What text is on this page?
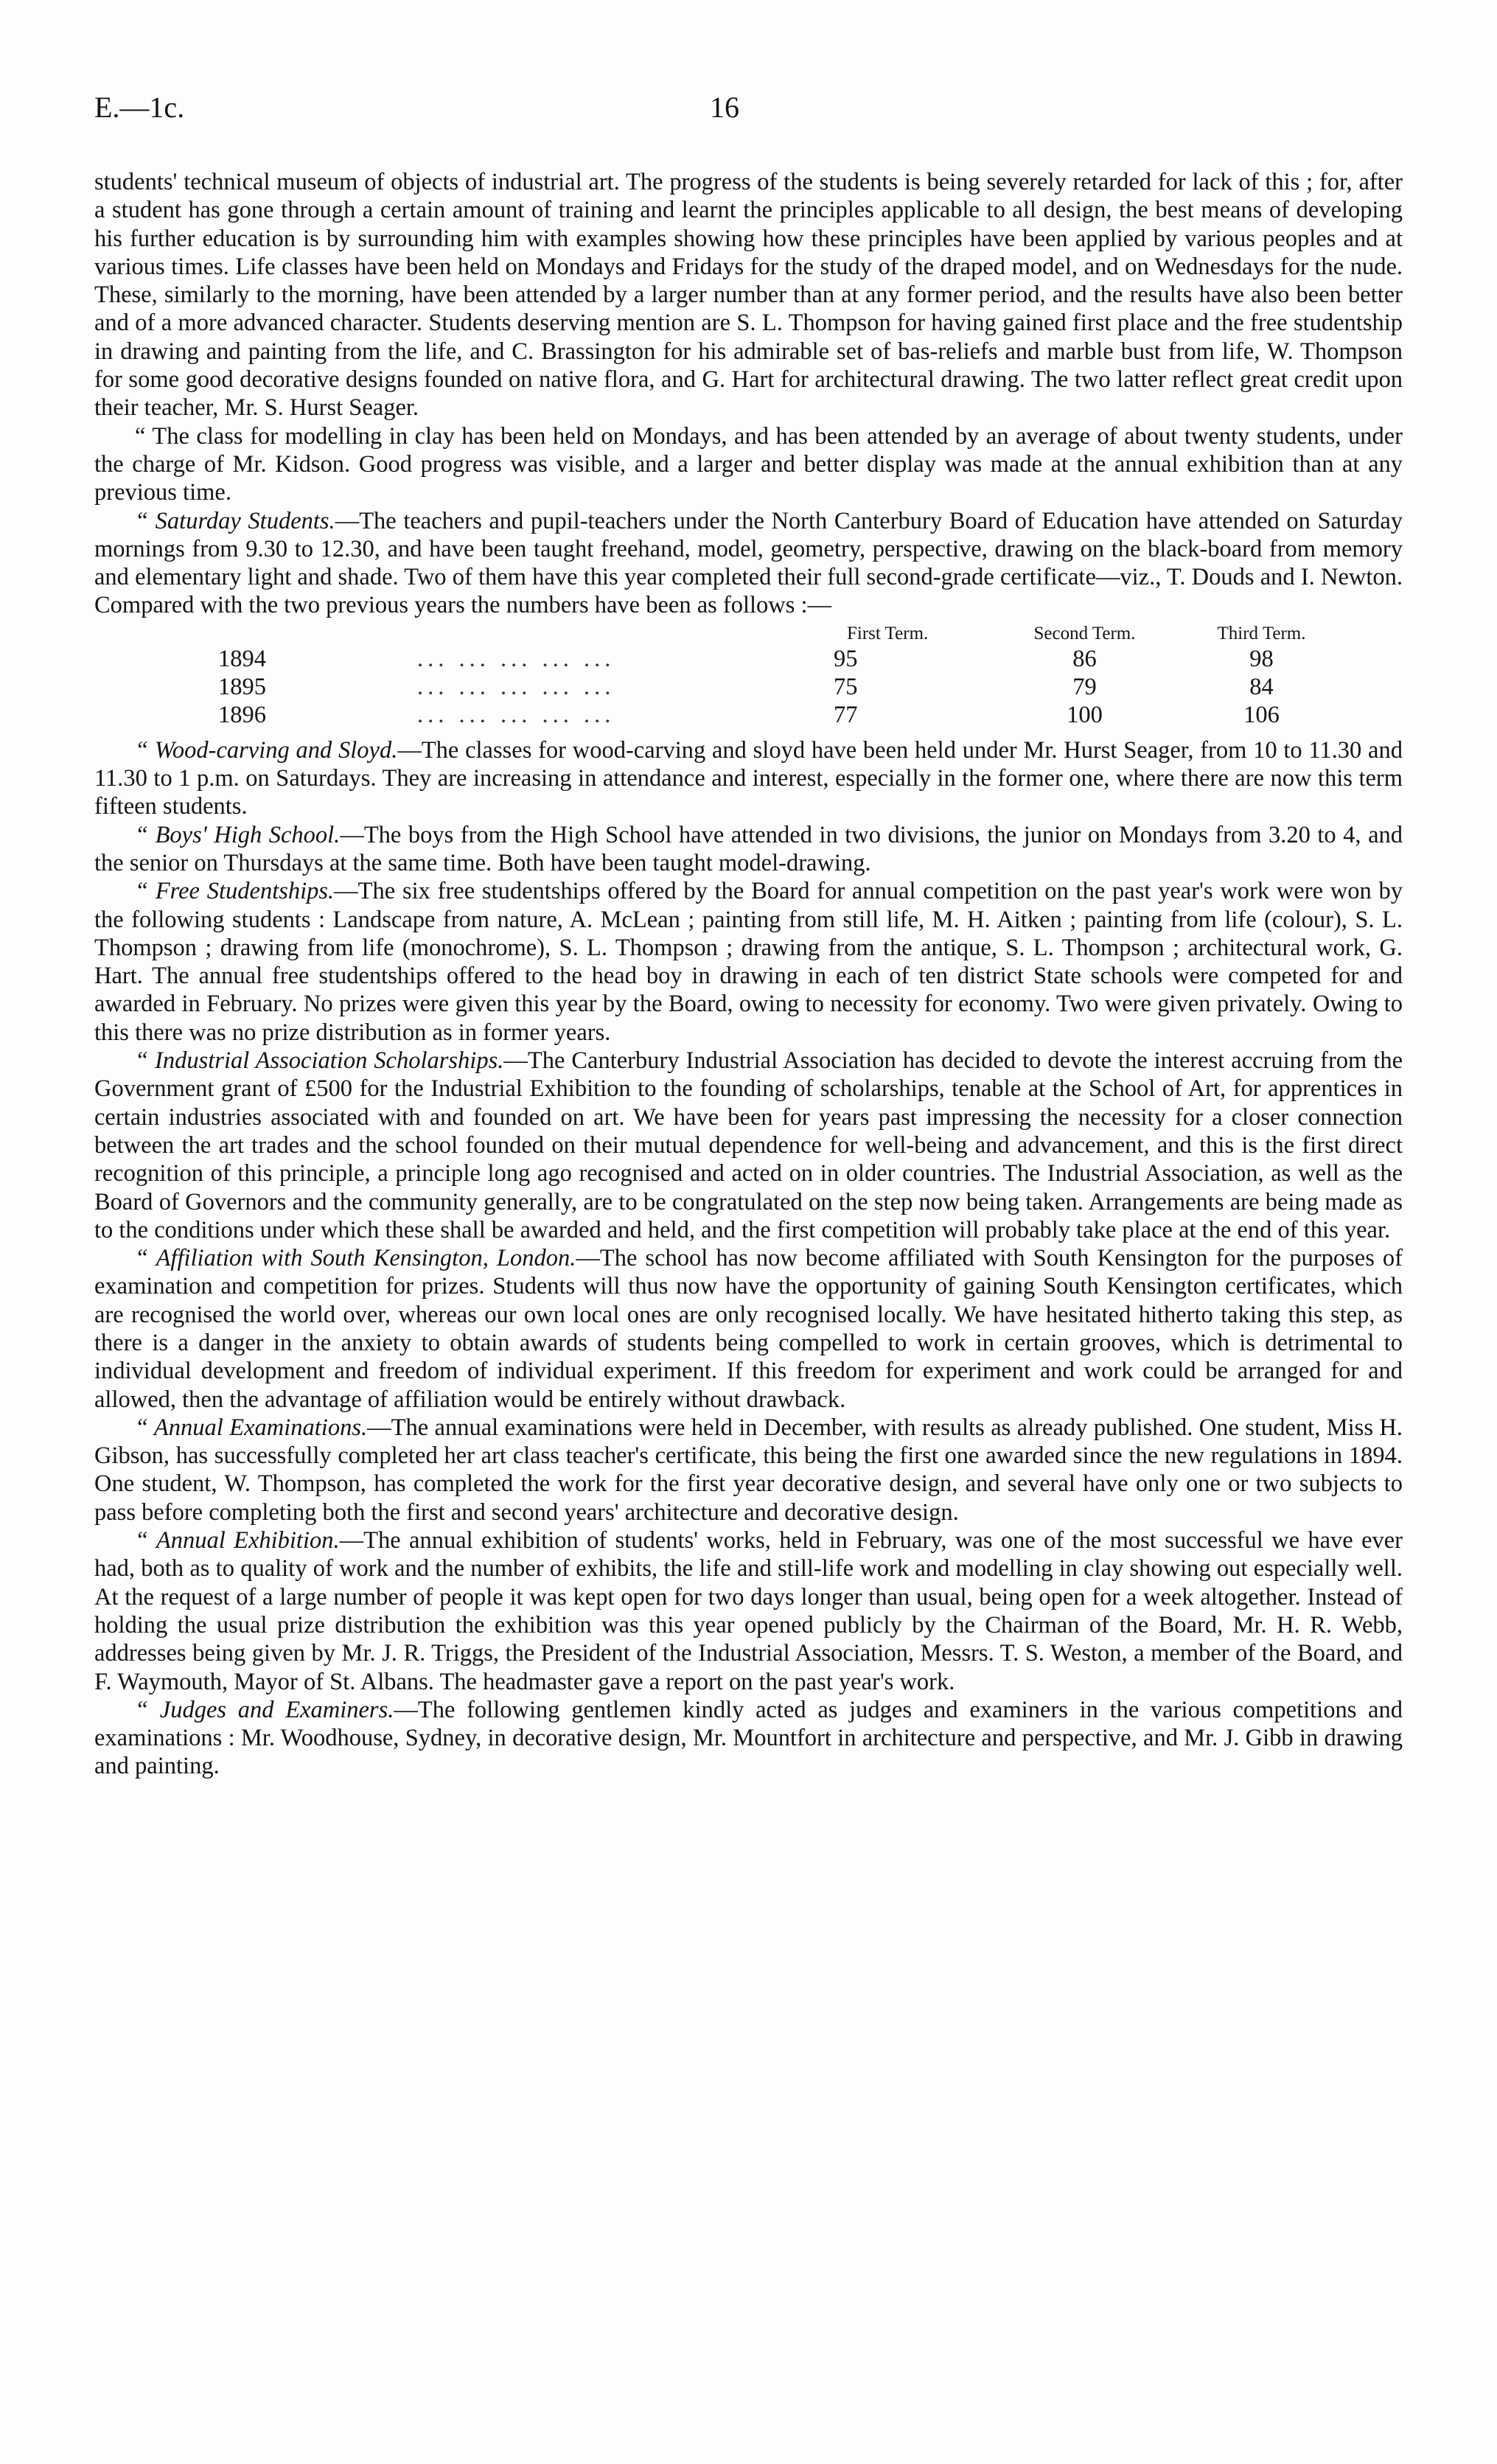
E.—1c.	16

students' technical museum of objects of industrial art. The progress of the students is being severely retarded for lack of this ; for, after a student has gone through a certain amount of training and learnt the principles applicable to all design, the best means of developing his further education is by surrounding him with examples showing how these principles have been applied by various peoples and at various times. Life classes have been held on Mondays and Fridays for the study of the draped model, and on Wednesdays for the nude. These, similarly to the morning, have been attended by a larger number than at any former period, and the results have also been better and of a more advanced character. Students deserving mention are S. L. Thompson for having gained first place and the free studentship in drawing and painting from the life, and C. Brassington for his admirable set of bas-reliefs and marble bust from life, W. Thompson for some good decorative designs founded on native flora, and G. Hart for architectural drawing. The two latter reflect great credit upon their teacher, Mr. S. Hurst Seager.

“ The class for modelling in clay has been held on Mondays, and has been attended by an average of about twenty students, under the charge of Mr. Kidson. Good progress was visible, and a larger and better display was made at the annual exhibition than at any previous time.

“ Saturday Students.—The teachers and pupil-teachers under the North Canterbury Board of Education have attended on Saturday mornings from 9.30 to 12.30, and have been taught freehand, model, geometry, perspective, drawing on the black-board from memory and elementary light and shade. Two of them have this year completed their full second-grade certificate—viz., T. Douds and I. Newton. Compared with the two previous years the numbers have been as follows :—

		First Term.	Second Term.	Third Term.
1894	... ... ... ... ...	95	86	98
1895	... ... ... ... ...	75	79	84
1896	... ... ... ... ...	77	100	106

“ Wood-carving and Sloyd.—The classes for wood-carving and sloyd have been held under Mr. Hurst Seager, from 10 to 11.30 and 11.30 to 1 p.m. on Saturdays. They are increasing in attendance and interest, especially in the former one, where there are now this term fifteen students.

“ Boys' High School.—The boys from the High School have attended in two divisions, the junior on Mondays from 3.20 to 4, and the senior on Thursdays at the same time. Both have been taught model-drawing.

“ Free Studentships.—The six free studentships offered by the Board for annual competition on the past year's work were won by the following students : Landscape from nature, A. McLean ; painting from still life, M. H. Aitken ; painting from life (colour), S. L. Thompson ; drawing from life (monochrome), S. L. Thompson ; drawing from the antique, S. L. Thompson ; architectural work, G. Hart. The annual free studentships offered to the head boy in drawing in each of ten district State schools were competed for and awarded in February. No prizes were given this year by the Board, owing to necessity for economy. Two were given privately. Owing to this there was no prize distribution as in former years.

“ Industrial Association Scholarships.—The Canterbury Industrial Association has decided to devote the interest accruing from the Government grant of £500 for the Industrial Exhibition to the founding of scholarships, tenable at the School of Art, for apprentices in certain industries associated with and founded on art. We have been for years past impressing the necessity for a closer connection between the art trades and the school founded on their mutual dependence for well-being and advancement, and this is the first direct recognition of this principle, a principle long ago recognised and acted on in older countries. The Industrial Association, as well as the Board of Governors and the community generally, are to be congratulated on the step now being taken. Arrangements are being made as to the conditions under which these shall be awarded and held, and the first competition will probably take place at the end of this year.

“ Affiliation with South Kensington, London.—The school has now become affiliated with South Kensington for the purposes of examination and competition for prizes. Students will thus now have the opportunity of gaining South Kensington certificates, which are recognised the world over, whereas our own local ones are only recognised locally. We have hesitated hitherto taking this step, as there is a danger in the anxiety to obtain awards of students being compelled to work in certain grooves, which is detrimental to individual development and freedom of individual experiment. If this freedom for experiment and work could be arranged for and allowed, then the advantage of affiliation would be entirely without drawback.

“ Annual Examinations.—The annual examinations were held in December, with results as already published. One student, Miss H. Gibson, has successfully completed her art class teacher's certificate, this being the first one awarded since the new regulations in 1894. One student, W. Thompson, has completed the work for the first year decorative design, and several have only one or two subjects to pass before completing both the first and second years' architecture and decorative design.

“ Annual Exhibition.—The annual exhibition of students' works, held in February, was one of the most successful we have ever had, both as to quality of work and the number of exhibits, the life and still-life work and modelling in clay showing out especially well. At the request of a large number of people it was kept open for two days longer than usual, being open for a week altogether. Instead of holding the usual prize distribution the exhibition was this year opened publicly by the Chairman of the Board, Mr. H. R. Webb, addresses being given by Mr. J. R. Triggs, the President of the Industrial Association, Messrs. T. S. Weston, a member of the Board, and F. Waymouth, Mayor of St. Albans. The headmaster gave a report on the past year's work.

“ Judges and Examiners.—The following gentlemen kindly acted as judges and examiners in the various competitions and examinations : Mr. Woodhouse, Sydney, in decorative design, Mr. Mountfort in architecture and perspective, and Mr. J. Gibb in drawing and painting.
